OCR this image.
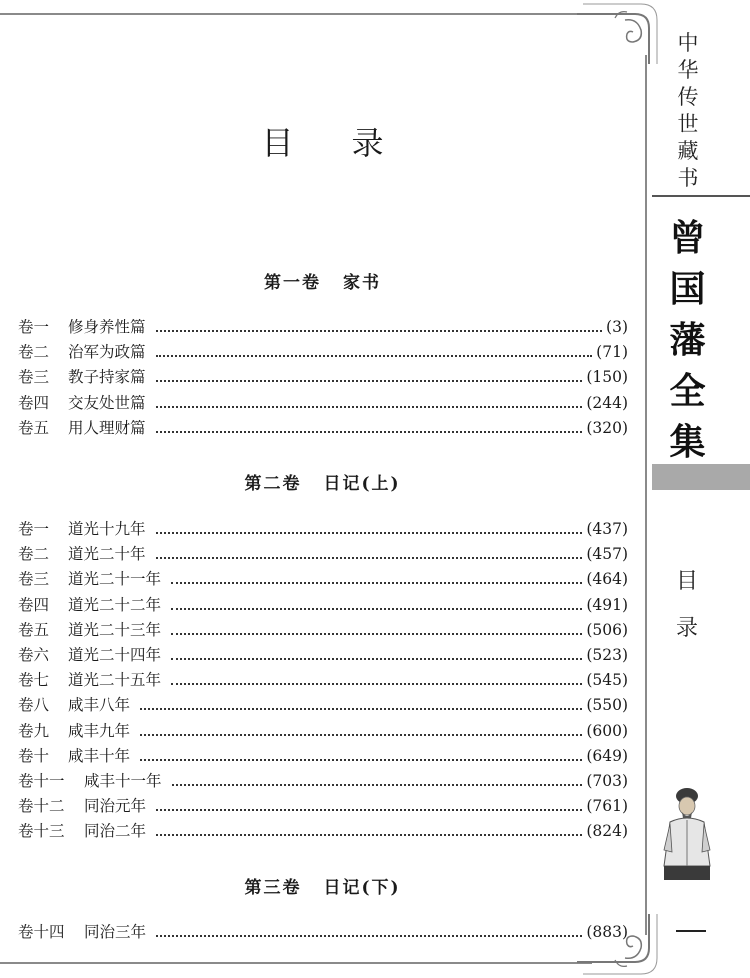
目录
第一卷 家书
卷一	修身养性篇	(3)
卷二	治军为政篇	(71)
卷三	教子持家篇	(150)
卷四	交友处世篇	(244)
卷五	用人理财篇	(320)
第二卷 日记(上)
卷一	道光十九年	(437)
卷二	道光二十年	(457)
卷三	道光二十一年	(464)
卷四	道光二十二年	(491)
卷五	道光二十三年	(506)
卷六	道光二十四年	(523)
卷七	道光二十五年	(545)
卷八	咸丰八年	(550)
卷九	咸丰九年	(600)
卷十	咸丰十年	(649)
卷十一	咸丰十一年	(703)
卷十二	同治元年	(761)
卷十三	同治二年	(824)
第三卷 日记(下)
卷十四	同治三年	(883)
中
华
传
世
藏
书
曾
国
藩
全
集
目
录
